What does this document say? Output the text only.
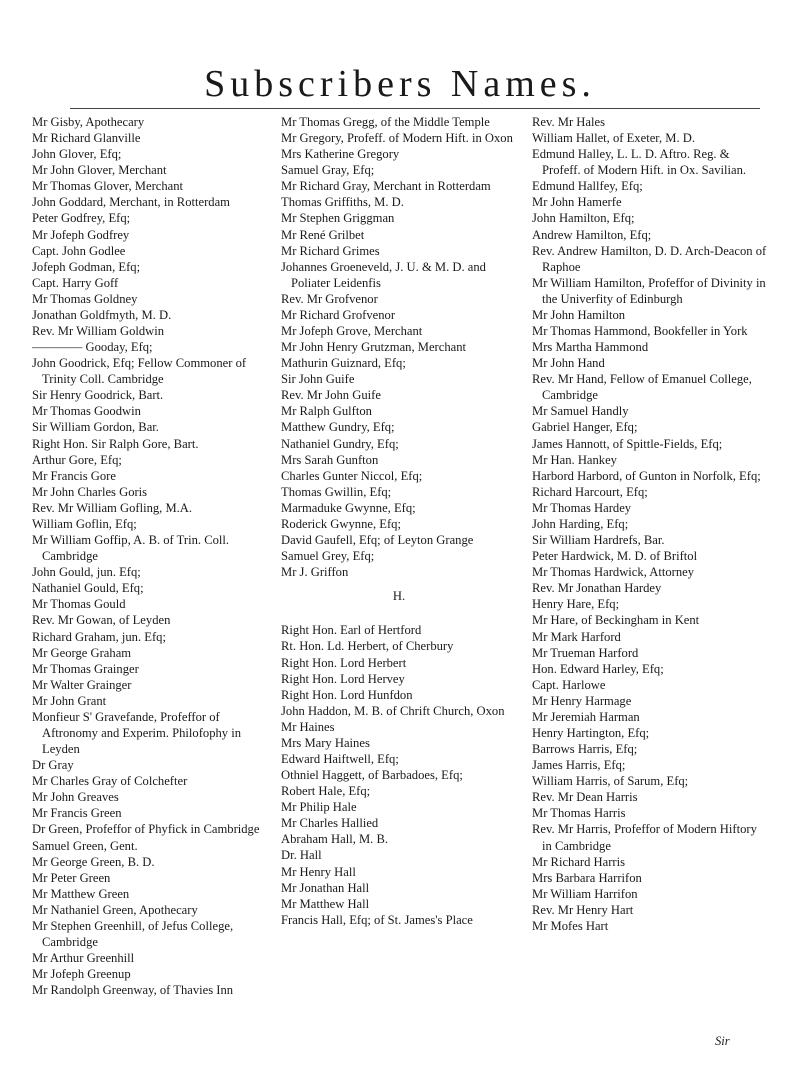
Subscribers Names.
Mr Gisby, Apothecary
Mr Richard Glanville
John Glover, Efq;
Mr John Glover, Merchant
Mr Thomas Glover, Merchant
John Goddard, Merchant, in Rotterdam
Peter Godfrey, Efq;
Mr Jofeph Godfrey
Capt. John Godlee
Jofeph Godman, Efq;
Capt. Harry Goff
Mr Thomas Goldney
Jonathan Goldfmyth, M. D.
Rev. Mr William Goldwin
———— Gooday, Efq;
John Goodrick, Efq; Fellow Commoner of Trinity Coll. Cambridge
Sir Henry Goodrick, Bart.
Mr Thomas Goodwin
Sir William Gordon, Bar.
Right Hon. Sir Ralph Gore, Bart.
Arthur Gore, Efq;
Mr Francis Gore
Mr John Charles Goris
Rev. Mr William Gofling, M.A.
William Goflin, Efq;
Mr William Goffip, A. B. of Trin. Coll. Cambridge
John Gould, jun. Efq;
Nathaniel Gould, Efq;
Mr Thomas Gould
Rev. Mr Gowan, of Leyden
Richard Graham, jun. Efq;
Mr George Graham
Mr Thomas Grainger
Mr Walter Grainger
Mr John Grant
Monfieur S' Gravefande, Profeffor of Aftronomy and Experim. Philofophy in Leyden
Dr Gray
Mr Charles Gray of Colchefter
Mr John Greaves
Mr Francis Green
Dr Green, Profeffor of Phyfick in Cambridge
Samuel Green, Gent.
Mr George Green, B. D.
Mr Peter Green
Mr Matthew Green
Mr Nathaniel Green, Apothecary
Mr Stephen Greenhill, of Jefus College, Cambridge
Mr Arthur Greenhill
Mr Jofeph Greenup
Mr Randolph Greenway, of Thavies Inn
Mr Thomas Gregg, of the Middle Temple
Mr Gregory, Profeff. of Modern Hift. in Oxon
Mrs Katherine Gregory
Samuel Gray, Efq;
Mr Richard Gray, Merchant in Rotterdam
Thomas Griffiths, M. D.
Mr Stephen Griggman
Mr René Grilbet
Mr Richard Grimes
Johannes Groeneveld, J. U. & M. D. and Poliater Leidenfis
Rev. Mr Grofvenor
Mr Richard Grofvenor
Mr Jofeph Grove, Merchant
Mr John Henry Grutzman, Merchant
Mathurin Guiznard, Efq;
Sir John Guife
Rev. Mr John Guife
Mr Ralph Gulfton
Matthew Gundry, Efq;
Nathaniel Gundry, Efq;
Mrs Sarah Gunfton
Charles Gunter Niccol, Efq;
Thomas Gwillin, Efq;
Marmaduke Gwynne, Efq;
Roderick Gwynne, Efq;
David Gaufell, Efq; of Leyton Grange
Samuel Grey, Efq;
Mr J. Griffon
H.
Right Hon. Earl of Hertford
Rt. Hon. Ld. Herbert, of Cherbury
Right Hon. Lord Herbert
Right Hon. Lord Hervey
Right Hon. Lord Hunfdon
John Haddon, M. B. of Chrift Church, Oxon
Mr Haines
Mrs Mary Haines
Edward Haiftwell, Efq;
Othniel Haggett, of Barbadoes, Efq;
Robert Hale, Efq;
Mr Philip Hale
Mr Charles Hallied
Abraham Hall, M. B.
Dr. Hall
Mr Henry Hall
Mr Jonathan Hall
Mr Matthew Hall
Francis Hall, Efq; of St. James's Place
Rev. Mr Hales
William Hallet, of Exeter, M. D.
Edmund Halley, L. L. D. Aftro. Reg. & Profeff. of Modern Hift. in Ox. Savilian.
Edmund Hallfey, Efq;
Mr John Hamerfe
John Hamilton, Efq;
Andrew Hamilton, Efq;
Rev. Andrew Hamilton, D. D. Arch-Deacon of Raphoe
Mr William Hamilton, Profeffor of Divinity in the Univerfity of Edinburgh
Mr John Hamilton
Mr Thomas Hammond, Bookfeller in York
Mrs Martha Hammond
Mr John Hand
Rev. Mr Hand, Fellow of Emanuel College, Cambridge
Mr Samuel Handly
Gabriel Hanger, Efq;
James Hannott, of Spittle-Fields, Efq;
Mr Han. Hankey
Harbord Harbord, of Gunton in Norfolk, Efq;
Richard Harcourt, Efq;
Mr Thomas Hardey
John Harding, Efq;
Sir William Hardrefs, Bar.
Peter Hardwick, M. D. of Briftol
Mr Thomas Hardwick, Attorney
Rev. Mr Jonathan Hardey
Henry Hare, Efq;
Mr Hare, of Beckingham in Kent
Mr Mark Harford
Mr Trueman Harford
Hon. Edward Harley, Efq;
Capt. Harlowe
Mr Henry Harmage
Mr Jeremiah Harman
Henry Hartington, Efq;
Barrows Harris, Efq;
James Harris, Efq;
William Harris, of Sarum, Efq;
Rev. Mr Dean Harris
Mr Thomas Harris
Rev. Mr Harris, Profeffor of Modern Hiftory in Cambridge
Mr Richard Harris
Mrs Barbara Harrifon
Mr William Harrifon
Rev. Mr Henry Hart
Mr Mofes Hart
Sir
